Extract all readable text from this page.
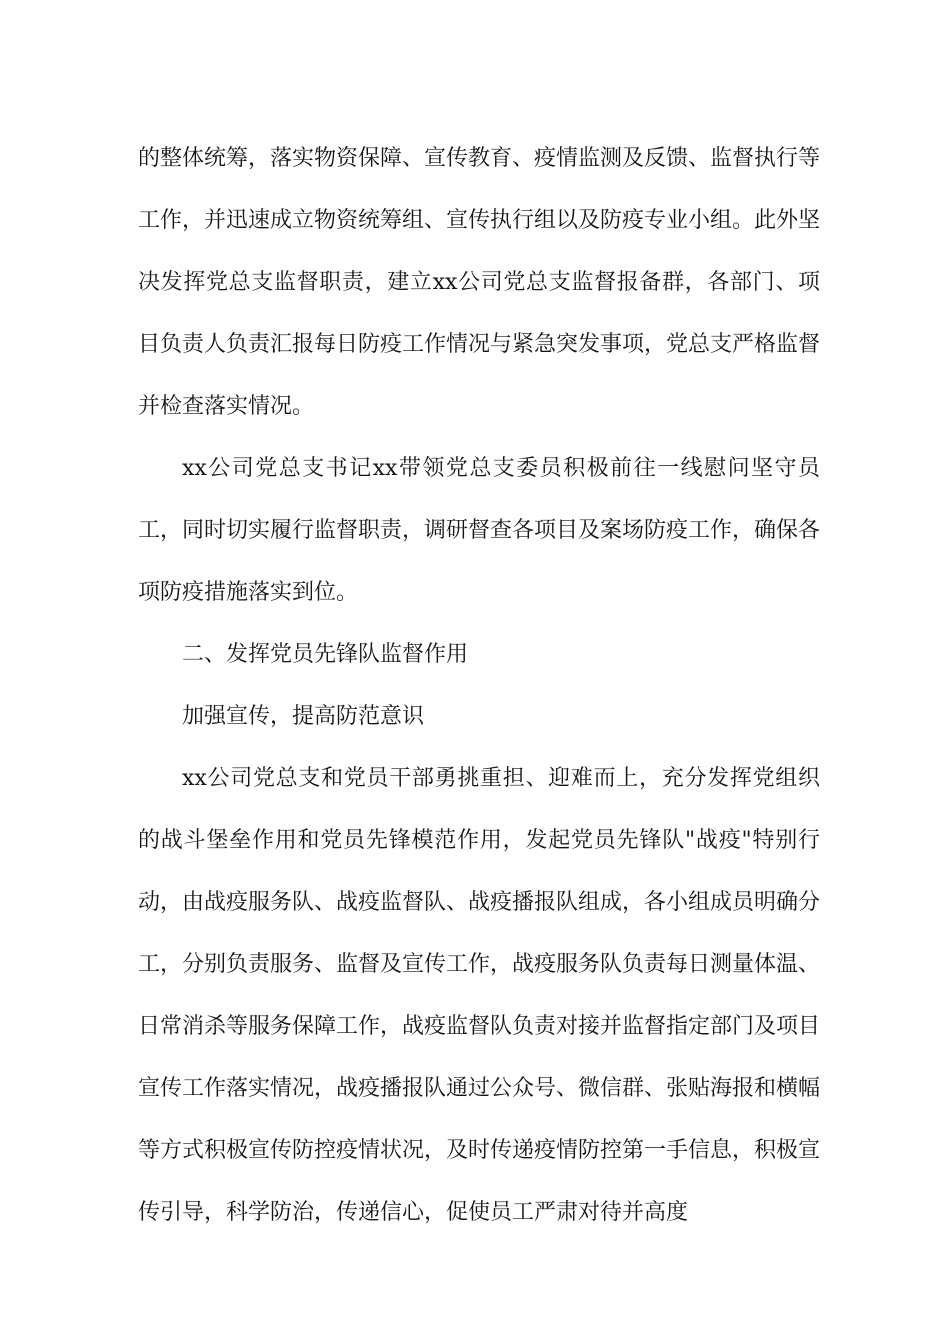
的整体统筹，落实物资保障、宣传教育、疫情监测及反馈、监督执行等工作，并迅速成立物资统筹组、宣传执行组以及防疫专业小组。此外坚决发挥党总支监督职责，建立xx公司党总支监督报备群，各部门、项目负责人负责汇报每日防疫工作情况与紧急突发事项，党总支严格监督并检查落实情况。

xx公司党总支书记xx带领党总支委员积极前往一线慰问坚守员工，同时切实履行监督职责，调研督查各项目及案场防疫工作，确保各项防疫措施落实到位。

二、发挥党员先锋队监督作用

加强宣传，提高防范意识

xx公司党总支和党员干部勇挑重担、迎难而上，充分发挥党组织的战斗堡垒作用和党员先锋模范作用，发起党员先锋队"战疫"特别行动，由战疫服务队、战疫监督队、战疫播报队组成，各小组成员明确分工，分别负责服务、监督及宣传工作，战疫服务队负责每日测量体温、日常消杀等服务保障工作，战疫监督队负责对接并监督指定部门及项目宣传工作落实情况，战疫播报队通过公众号、微信群、张贴海报和横幅等方式积极宣传防控疫情状况，及时传递疫情防控第一手信息，积极宣传引导，科学防治，传递信心，促使员工严肃对待并高度
